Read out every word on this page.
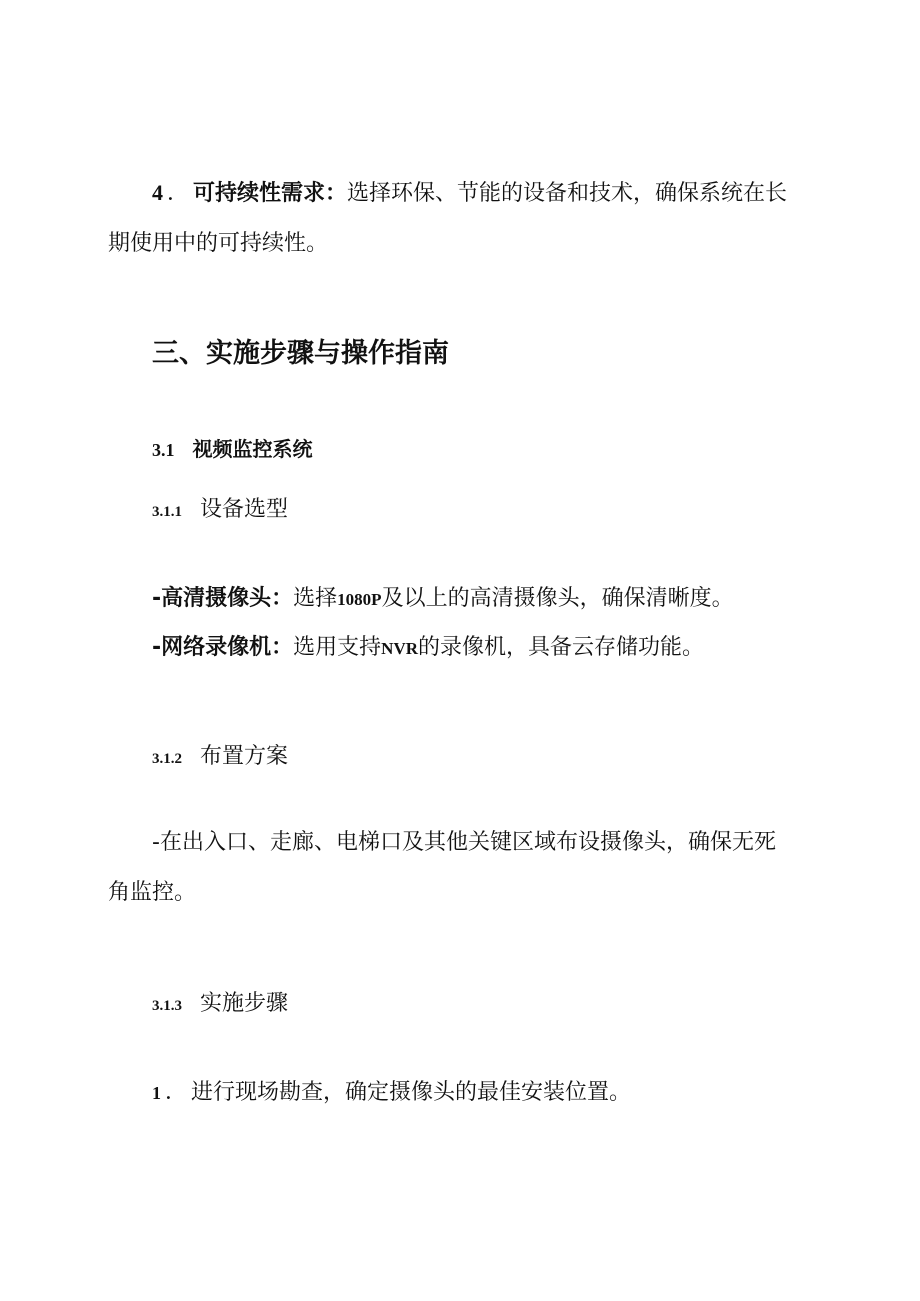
4 ． 可持续性需求：选择环保、节能的设备和技术，确保系统在长
期使用中的可持续性。
三、实施步骤与操作指南
3.1 视频监控系统
3.1.1 设备选型
-高清摄像头：选择1080P及以上的高清摄像头，确保清晰度。
-网络录像机：选用支持NVR的录像机，具备云存储功能。
3.1.2 布置方案
-在出入口、走廊、电梯口及其他关键区域布设摄像头，确保无死
角监控。
3.1.3 实施步骤
1 ． 进行现场勘查，确定摄像头的最佳安装位置。
